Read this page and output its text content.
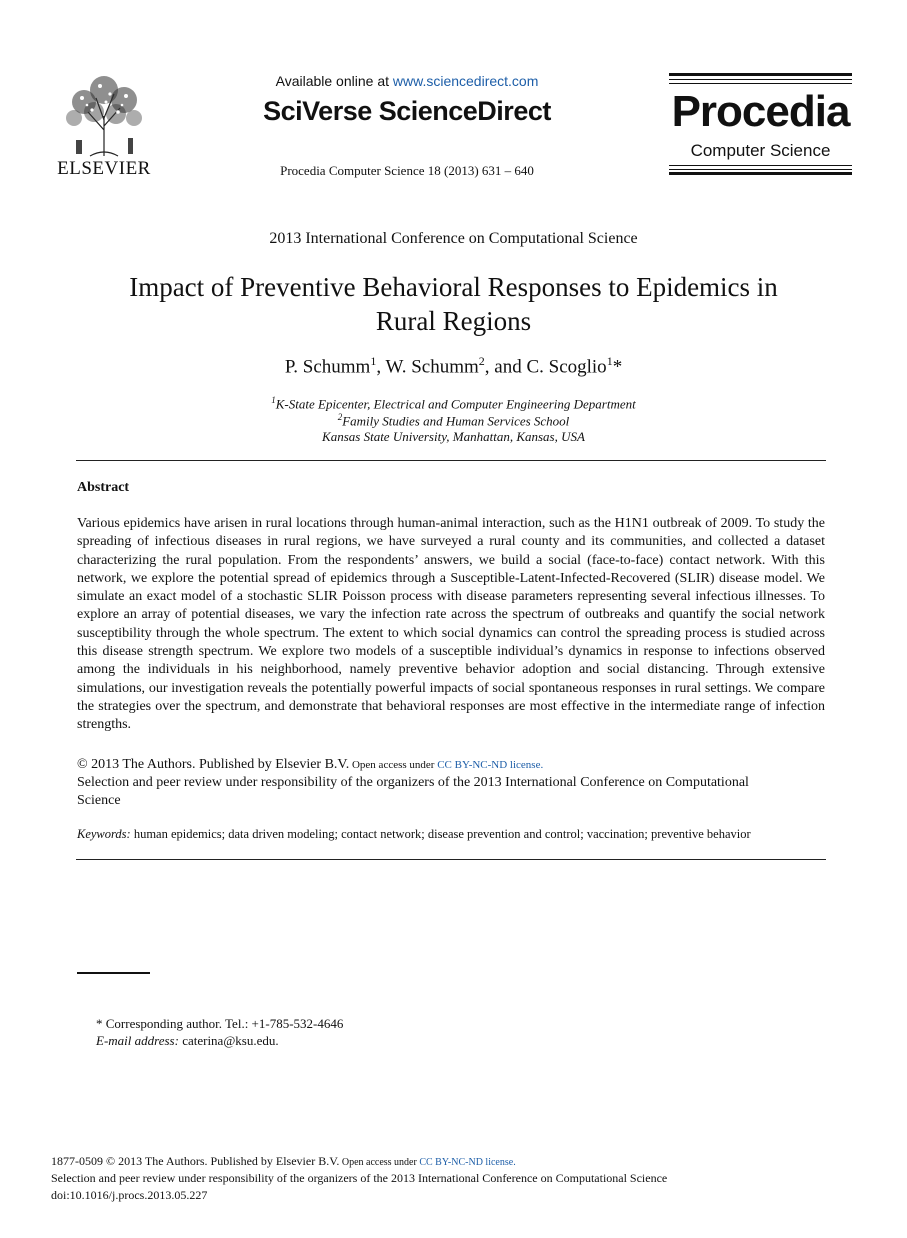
ELSEVIER
Available online at www.sciencedirect.com
SciVerse ScienceDirect
Procedia Computer Science 18 (2013) 631 – 640
Procedia
Computer Science
2013 International Conference on Computational Science
Impact of Preventive Behavioral Responses to Epidemics in
Rural Regions
P. Schumm$^1$, W. Schumm$^2$, and C. Scoglio$^1$*
$^1$K-State Epicenter, Electrical and Computer Engineering Department
$^2$Family Studies and Human Services School
Kansas State University, Manhattan, Kansas, USA
Abstract
Various epidemics have arisen in rural locations through human-animal interaction, such as the H1N1 outbreak of 2009. To study the spreading of infectious diseases in rural regions, we have surveyed a rural county and its communities, and collected a dataset characterizing the rural population. From the respondents’ answers, we build a social (face-to-face) contact network. With this network, we explore the potential spread of epidemics through a Susceptible-Latent-Infected-Recovered (SLIR) disease model. We simulate an exact model of a stochastic SLIR Poisson process with disease parameters representing several infectious illnesses. To explore an array of potential diseases, we vary the infection rate across the spectrum of outbreaks and quantify the social network susceptibility through the whole spectrum. The extent to which social dynamics can control the spreading process is studied across this disease strength spectrum. We explore two models of a susceptible individual’s dynamics in response to infections observed among the individuals in his neighborhood, namely preventive behavior adoption and social distancing. Through extensive simulations, our investigation reveals the potentially powerful impacts of social spontaneous responses in rural settings. We compare the strategies over the spectrum, and demonstrate that behavioral responses are most effective in the intermediate range of infection strengths.
© 2013 The Authors. Published by Elsevier B.V. Open access under CC BY-NC-ND license.
Selection and peer review under responsibility of the organizers of the 2013 International Conference on Computational
Science
Keywords: human epidemics; data driven modeling; contact network; disease prevention and control; vaccination; preventive behavior
* Corresponding author. Tel.: +1-785-532-4646
E-mail address: caterina@ksu.edu.
1877-0509 © 2013 The Authors. Published by Elsevier B.V. Open access under CC BY-NC-ND license.
Selection and peer review under responsibility of the organizers of the 2013 International Conference on Computational Science
doi:10.1016/j.procs.2013.05.227
